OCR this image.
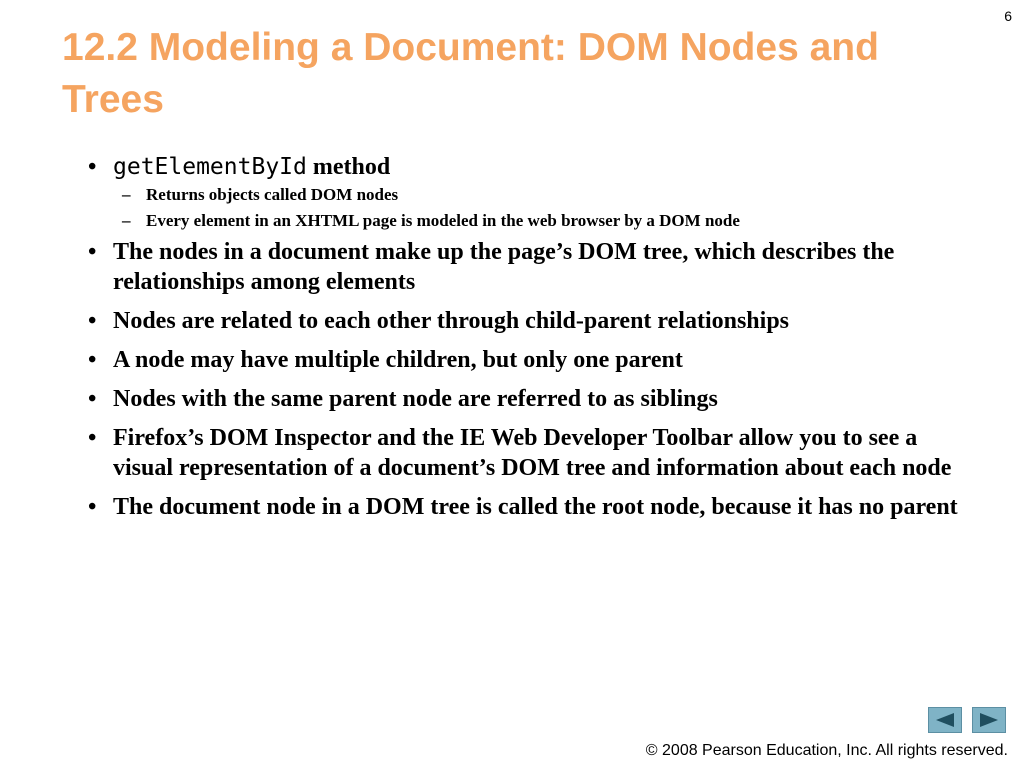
6
12.2 Modeling a Document: DOM Nodes and Trees
• getElementById method
– Returns objects called DOM nodes
– Every element in an XHTML page is modeled in the web browser by a DOM node
• The nodes in a document make up the page’s DOM tree, which describes the relationships among elements
• Nodes are related to each other through child-parent relationships
• A node may have multiple children, but only one parent
• Nodes with the same parent node are referred to as siblings
• Firefox’s DOM Inspector and the IE Web Developer Toolbar allow you to see a visual representation of a document’s DOM tree and information about each node
• The document node in a DOM tree is called the root node, because it has no parent
© 2008 Pearson Education, Inc. All rights reserved.
